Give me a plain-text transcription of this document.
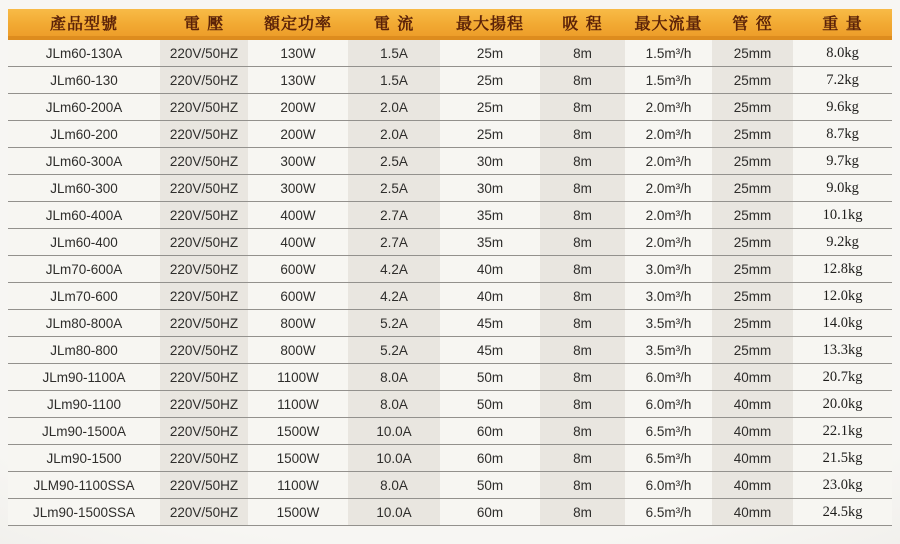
產品型號	電 壓	額定功率	電 流	最大揚程	吸 程	最大流量	管 徑	重 量
JLm60-130A	220V/50HZ	130W	1.5A	25m	8m	1.5m³/h	25mm	8.0kg
JLm60-130	220V/50HZ	130W	1.5A	25m	8m	1.5m³/h	25mm	7.2kg
JLm60-200A	220V/50HZ	200W	2.0A	25m	8m	2.0m³/h	25mm	9.6kg
JLm60-200	220V/50HZ	200W	2.0A	25m	8m	2.0m³/h	25mm	8.7kg
JLm60-300A	220V/50HZ	300W	2.5A	30m	8m	2.0m³/h	25mm	9.7kg
JLm60-300	220V/50HZ	300W	2.5A	30m	8m	2.0m³/h	25mm	9.0kg
JLm60-400A	220V/50HZ	400W	2.7A	35m	8m	2.0m³/h	25mm	10.1kg
JLm60-400	220V/50HZ	400W	2.7A	35m	8m	2.0m³/h	25mm	9.2kg
JLm70-600A	220V/50HZ	600W	4.2A	40m	8m	3.0m³/h	25mm	12.8kg
JLm70-600	220V/50HZ	600W	4.2A	40m	8m	3.0m³/h	25mm	12.0kg
JLm80-800A	220V/50HZ	800W	5.2A	45m	8m	3.5m³/h	25mm	14.0kg
JLm80-800	220V/50HZ	800W	5.2A	45m	8m	3.5m³/h	25mm	13.3kg
JLm90-1100A	220V/50HZ	1100W	8.0A	50m	8m	6.0m³/h	40mm	20.7kg
JLm90-1100	220V/50HZ	1100W	8.0A	50m	8m	6.0m³/h	40mm	20.0kg
JLm90-1500A	220V/50HZ	1500W	10.0A	60m	8m	6.5m³/h	40mm	22.1kg
JLm90-1500	220V/50HZ	1500W	10.0A	60m	8m	6.5m³/h	40mm	21.5kg
JLM90-1100SSA	220V/50HZ	1100W	8.0A	50m	8m	6.0m³/h	40mm	23.0kg
JLm90-1500SSA	220V/50HZ	1500W	10.0A	60m	8m	6.5m³/h	40mm	24.5kg
